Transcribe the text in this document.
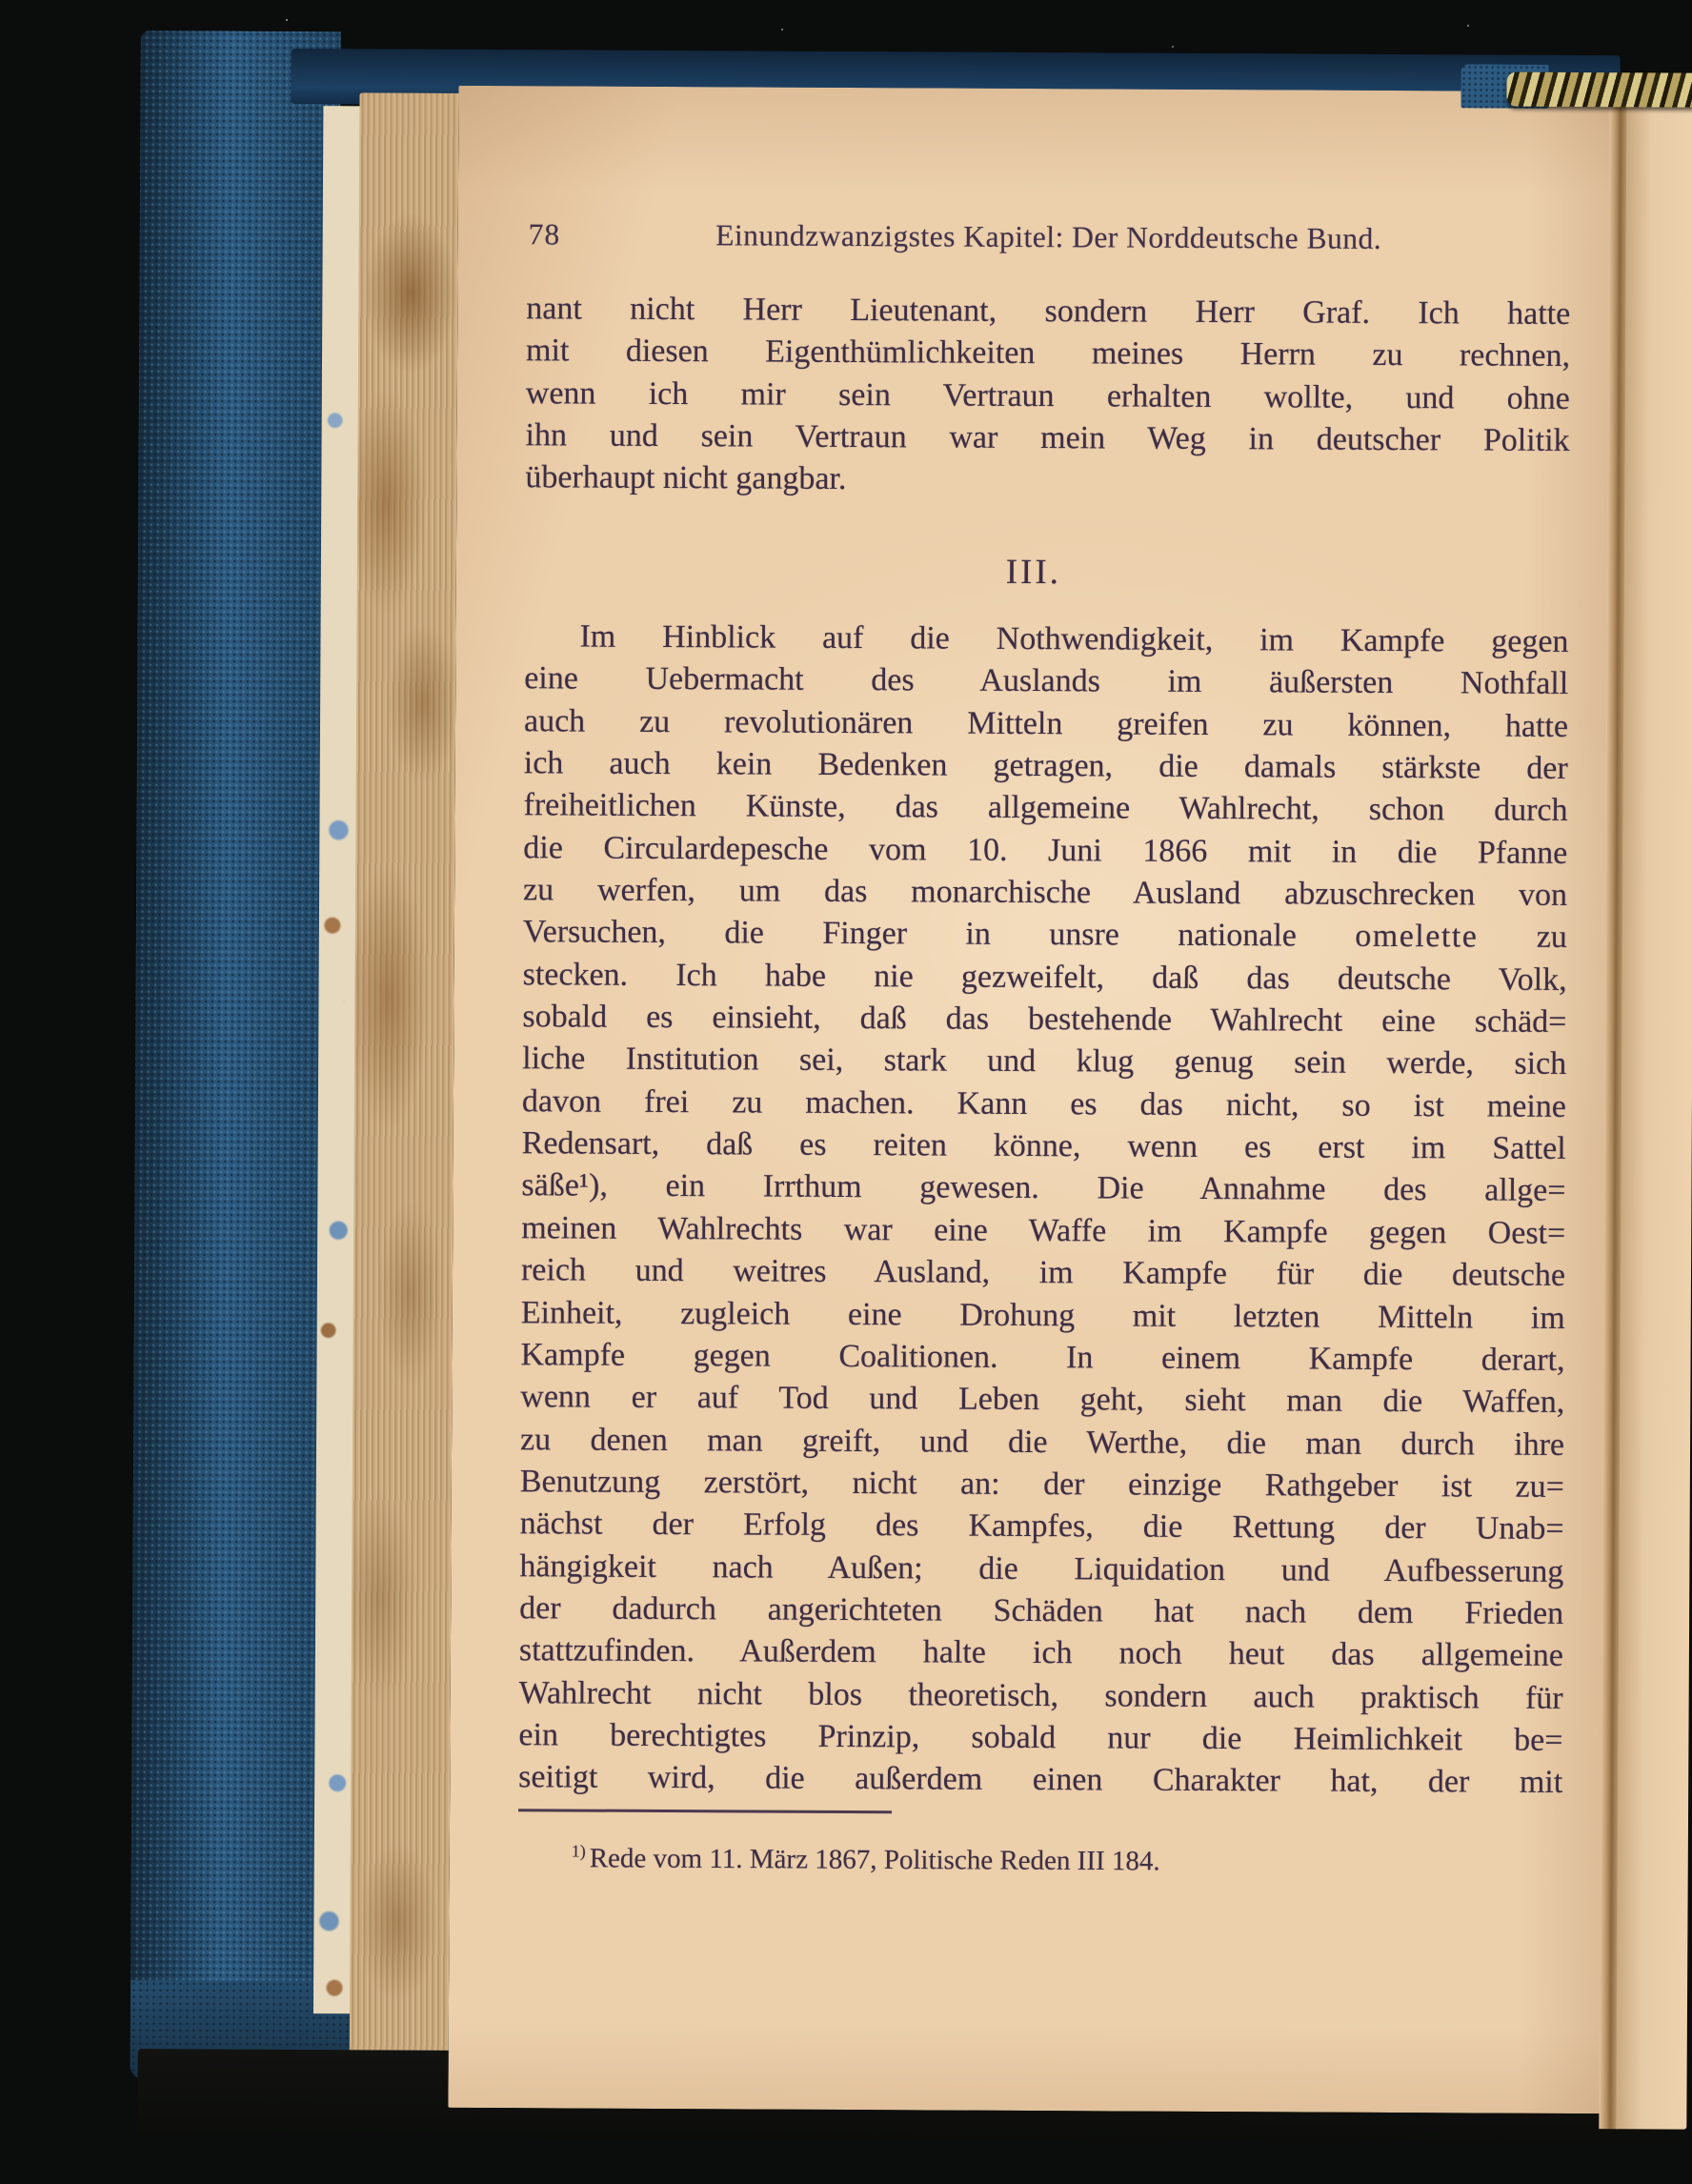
78	Einundzwanzigstes Kapitel: Der Norddeutsche Bund.
nant nicht Herr Lieutenant, sondern Herr Graf. Ich hatte
mit diesen Eigenthümlichkeiten meines Herrn zu rechnen,
wenn ich mir sein Vertraun erhalten wollte, und ohne
ihn und sein Vertraun war mein Weg in deutscher Politik
überhaupt nicht gangbar.
III.
Im Hinblick auf die Nothwendigkeit, im Kampfe gegen
eine Uebermacht des Auslands im äußersten Nothfall
auch zu revolutionären Mitteln greifen zu können, hatte
ich auch kein Bedenken getragen, die damals stärkste der
freiheitlichen Künste, das allgemeine Wahlrecht, schon durch
die Circulardepesche vom 10. Juni 1866 mit in die Pfanne
zu werfen, um das monarchische Ausland abzuschrecken von
Versuchen, die Finger in unsre nationale omelette zu
stecken. Ich habe nie gezweifelt, daß das deutsche Volk,
sobald es einsieht, daß das bestehende Wahlrecht eine schäd=
liche Institution sei, stark und klug genug sein werde, sich
davon frei zu machen. Kann es das nicht, so ist meine
Redensart, daß es reiten könne, wenn es erst im Sattel
säße¹), ein Irrthum gewesen. Die Annahme des allge=
meinen Wahlrechts war eine Waffe im Kampfe gegen Oest=
reich und weitres Ausland, im Kampfe für die deutsche
Einheit, zugleich eine Drohung mit letzten Mitteln im
Kampfe gegen Coalitionen. In einem Kampfe derart,
wenn er auf Tod und Leben geht, sieht man die Waffen,
zu denen man greift, und die Werthe, die man durch ihre
Benutzung zerstört, nicht an: der einzige Rathgeber ist zu=
nächst der Erfolg des Kampfes, die Rettung der Unab=
hängigkeit nach Außen; die Liquidation und Aufbesserung
der dadurch angerichteten Schäden hat nach dem Frieden
stattzufinden. Außerdem halte ich noch heut das allgemeine
Wahlrecht nicht blos theoretisch, sondern auch praktisch für
ein berechtigtes Prinzip, sobald nur die Heimlichkeit be=
seitigt wird, die außerdem einen Charakter hat, der mit
$^{1)}$ Rede vom 11. März 1867, Politische Reden III 184.
